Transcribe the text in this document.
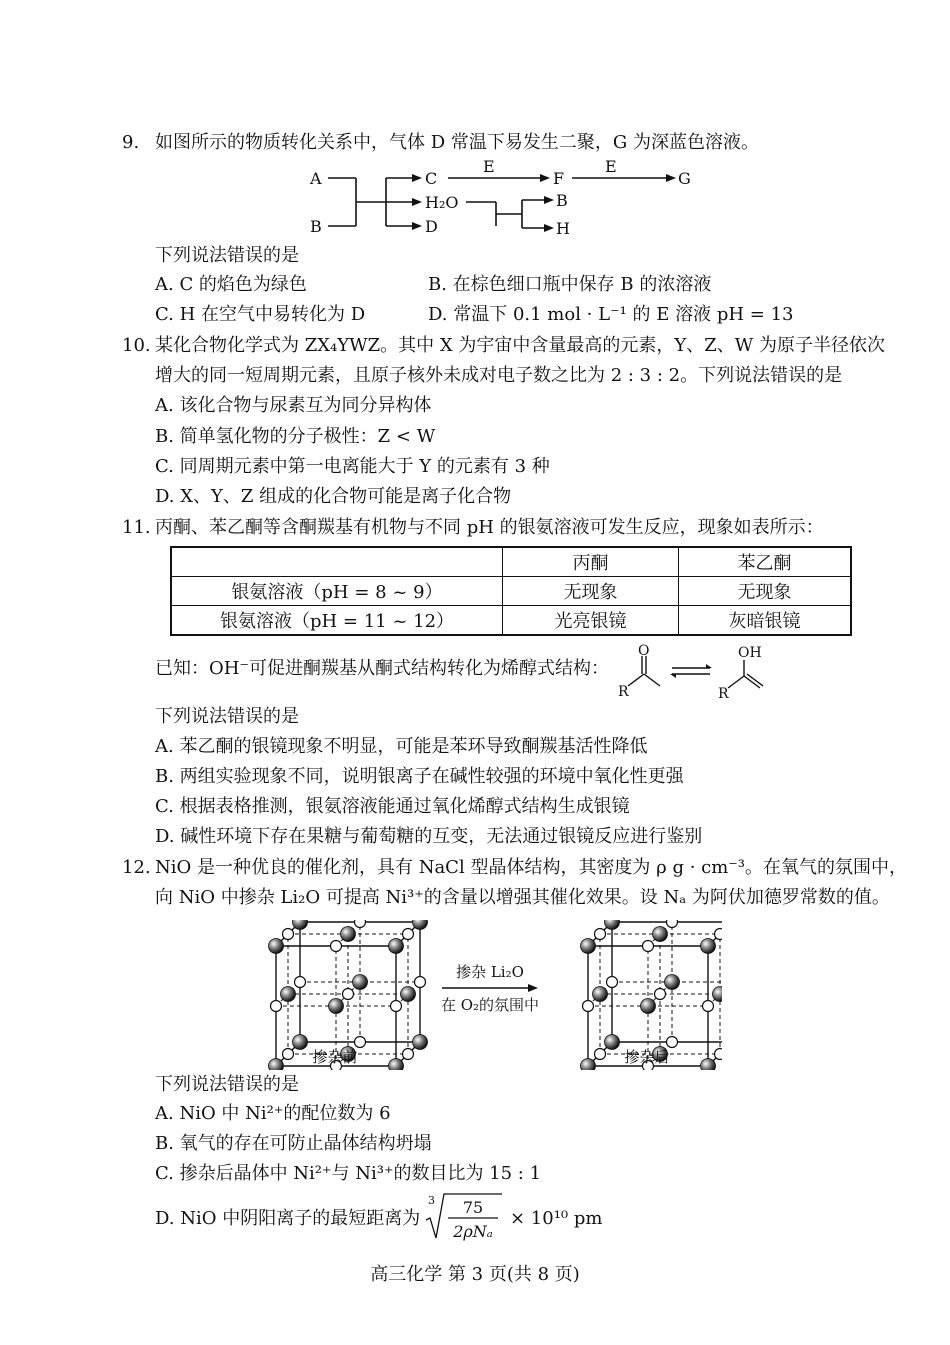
9. 如图所示的物质转化关系中，气体 D 常温下易发生二聚，G 为深蓝色溶液。
A
B
C
H₂O
D
E
F
E
G
B
H
下列说法错误的是
A. C 的焰色为绿色	B. 在棕色细口瓶中保存 B 的浓溶液
C. H 在空气中易转化为 D	D. 常温下 0.1 mol · L⁻¹ 的 E 溶液 pH = 13
10. 某化合物化学式为 ZX₄YWZ。其中 X 为宇宙中含量最高的元素，Y、Z、W 为原子半径依次
增大的同一短周期元素，且原子核外未成对电子数之比为 2 : 3 : 2。下列说法错误的是
A. 该化合物与尿素互为同分异构体
B. 简单氢化物的分子极性：Z < W
C. 同周期元素中第一电离能大于 Y 的元素有 3 种
D. X、Y、Z 组成的化合物可能是离子化合物
11. 丙酮、苯乙酮等含酮羰基有机物与不同 pH 的银氨溶液可发生反应，现象如表所示：
	丙酮	苯乙酮
银氨溶液（pH = 8 ~ 9）	无现象	无现象
银氨溶液（pH = 11 ~ 12）	光亮银镜	灰暗银镜
已知：OH⁻可促进酮羰基从酮式结构转化为烯醇式结构：
O	OH
R	R
下列说法错误的是
A. 苯乙酮的银镜现象不明显，可能是苯环导致酮羰基活性降低
B. 两组实验现象不同，说明银离子在碱性较强的环境中氧化性更强
C. 根据表格推测，银氨溶液能通过氧化烯醇式结构生成银镜
D. 碱性环境下存在果糖与葡萄糖的互变，无法通过银镜反应进行鉴别
12. NiO 是一种优良的催化剂，具有 NaCl 型晶体结构，其密度为 ρ g · cm⁻³。在氧气的氛围中，
向 NiO 中掺杂 Li₂O 可提高 Ni³⁺的含量以增强其催化效果。设 Nₐ 为阿伏加德罗常数的值。
掺杂 Li₂O
在 O₂的氛围中
掺杂前	掺杂后
下列说法错误的是
A. NiO 中 Ni²⁺的配位数为 6
B. 氧气的存在可防止晶体结构坍塌
C. 掺杂后晶体中 Ni²⁺与 Ni³⁺的数目比为 15 : 1
D. NiO 中阴阳离子的最短距离为
3 75
2ρNₐ
× 10¹⁰ pm
高三化学 第 3 页(共 8 页)
